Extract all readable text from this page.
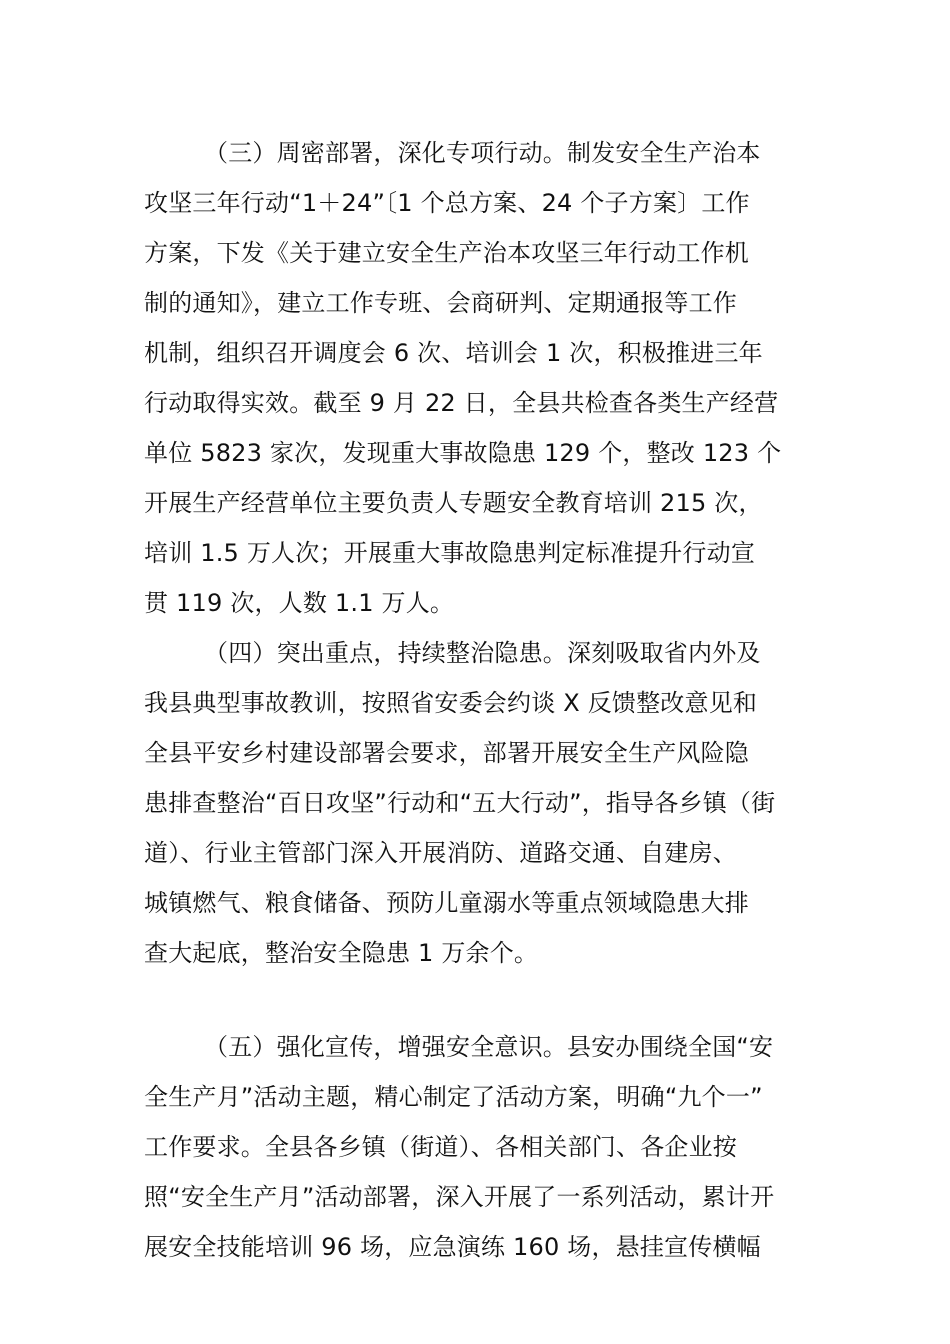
（三）周密部署，深化专项行动。制发安全生产治本
攻坚三年行动“1＋24”〔1 个总方案、24 个子方案〕工作
方案，下发《关于建立安全生产治本攻坚三年行动工作机
制的通知》，建立工作专班、会商研判、定期通报等工作
机制，组织召开调度会 6 次、培训会 1 次，积极推进三年
行动取得实效。截至 9 月 22 日，全县共检查各类生产经营
单位 5823 家次，发现重大事故隐患 129 个，整改 123 个
开展生产经营单位主要负责人专题安全教育培训 215 次，
培训 1.5 万人次；开展重大事故隐患判定标准提升行动宣
贯 119 次，人数 1.1 万人。
（四）突出重点，持续整治隐患。深刻吸取省内外及
我县典型事故教训，按照省安委会约谈 X 反馈整改意见和
全县平安乡村建设部署会要求，部署开展安全生产风险隐
患排查整治“百日攻坚”行动和“五大行动”，指导各乡镇（街
道）、行业主管部门深入开展消防、道路交通、自建房、
城镇燃气、粮食储备、预防儿童溺水等重点领域隐患大排
查大起底，整治安全隐患 1 万余个。
（五）强化宣传，增强安全意识。县安办围绕全国“安
全生产月”活动主题，精心制定了活动方案，明确“九个一”
工作要求。全县各乡镇（街道）、各相关部门、各企业按
照“安全生产月”活动部署，深入开展了一系列活动，累计开
展安全技能培训 96 场，应急演练 160 场，悬挂宣传横幅
